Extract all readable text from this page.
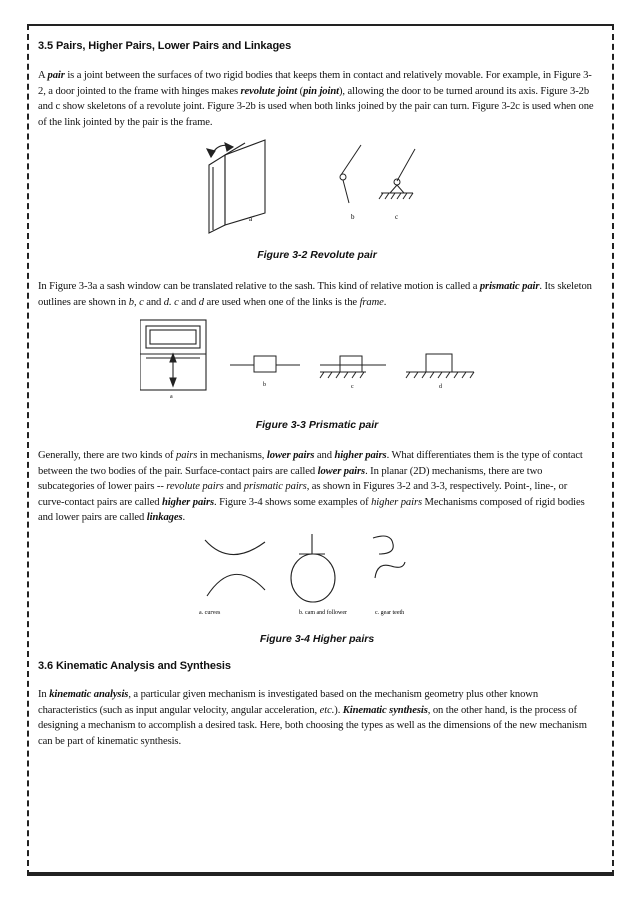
3.5 Pairs, Higher Pairs, Lower Pairs and Linkages

A pair is a joint between the surfaces of two rigid bodies that keeps them in contact and relatively movable. For example, in Figure 3-2, a door jointed to the frame with hinges makes revolute joint (pin joint), allowing the door to be turned around its axis. Figure 3-2b and c show skeletons of a revolute joint. Figure 3-2b is used when both links joined by the pair can turn. Figure 3-2c is used when one of the link jointed by the pair is the frame.

a	b	c
Figure 3-2 Revolute pair

In Figure 3-3a a sash window can be translated relative to the sash. This kind of relative motion is called a prismatic pair. Its skeleton outlines are shown in b, c and d. c and d are used when one of the links is the frame.

a
b	c	d
Figure 3-3 Prismatic pair

Generally, there are two kinds of pairs in mechanisms, lower pairs and higher pairs. What differentiates them is the type of contact between the two bodies of the pair. Surface-contact pairs are called lower pairs. In planar (2D) mechanisms, there are two subcategories of lower pairs -- revolute pairs and prismatic pairs, as shown in Figures 3-2 and 3-3, respectively. Point-, line-, or curve-contact pairs are called higher pairs. Figure 3-4 shows some examples of higher pairs Mechanisms composed of rigid bodies and lower pairs are called linkages.

a. curves	b. cam and follower	c. gear teeth
Figure 3-4 Higher pairs
3.6 Kinematic Analysis and Synthesis

In kinematic analysis, a particular given mechanism is investigated based on the mechanism geometry plus other known characteristics (such as input angular velocity, angular acceleration, etc.). Kinematic synthesis, on the other hand, is the process of designing a mechanism to accomplish a desired task. Here, both choosing the types as well as the dimensions of the new mechanism can be part of kinematic synthesis.
